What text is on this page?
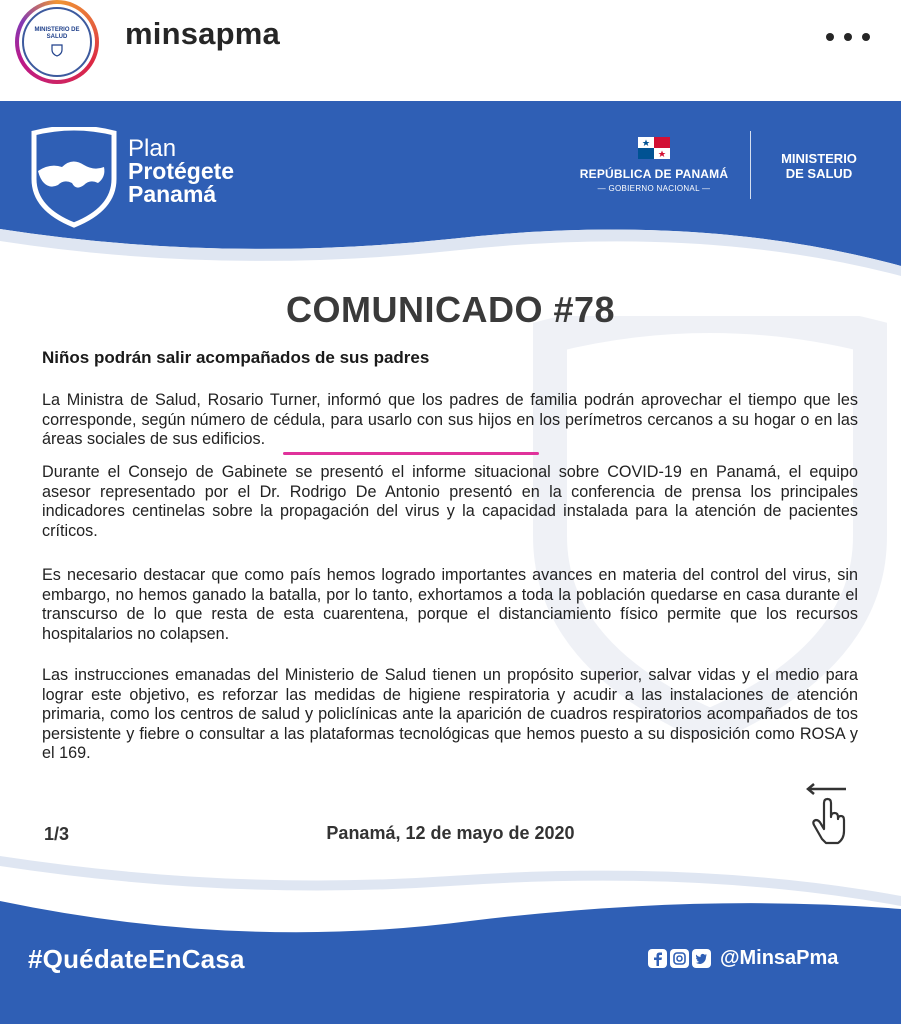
MINISTERIO DE SALUD	minsapma
Plan
Protégete
Panamá
REPÚBLICA DE PANAMÁ
— GOBIERNO NACIONAL —
MINISTERIO
DE SALUD
COMUNICADO #78
Niños podrán salir acompañados de sus padres

La Ministra de Salud, Rosario Turner, informó que los padres de familia podrán aprovechar el tiempo que les corresponde, según número de cédula, para usarlo con sus hijos en los perímetros cercanos a su hogar o en las áreas sociales de sus edificios.

Durante el Consejo de Gabinete se presentó el informe situacional sobre COVID-19 en Panamá, el equipo asesor representado por el Dr. Rodrigo De Antonio presentó en la conferencia de prensa los principales indicadores centinelas sobre la propagación del virus y la capacidad instalada para la atención de pacientes críticos.

Es necesario destacar que como país hemos logrado importantes avances en materia del control del virus, sin embargo, no hemos ganado la batalla, por lo tanto, exhortamos a toda la población quedarse en casa durante el transcurso de lo que resta de esta cuarentena, porque el distanciamiento físico permite que los recursos hospitalarios no colapsen.

Las instrucciones emanadas del Ministerio de Salud tienen un propósito superior, salvar vidas y el medio para lograr este objetivo, es reforzar las medidas de higiene respiratoria y acudir a las instalaciones de atención primaria, como los centros de salud y policlínicas ante la aparición de cuadros respiratorios acompañados de tos persistente y fiebre o consultar a las plataformas tecnológicas que hemos puesto a su disposición como ROSA y el 169.

1/3	Panamá, 12 de mayo de 2020
#QuédateEnCasa	@MinsaPma
